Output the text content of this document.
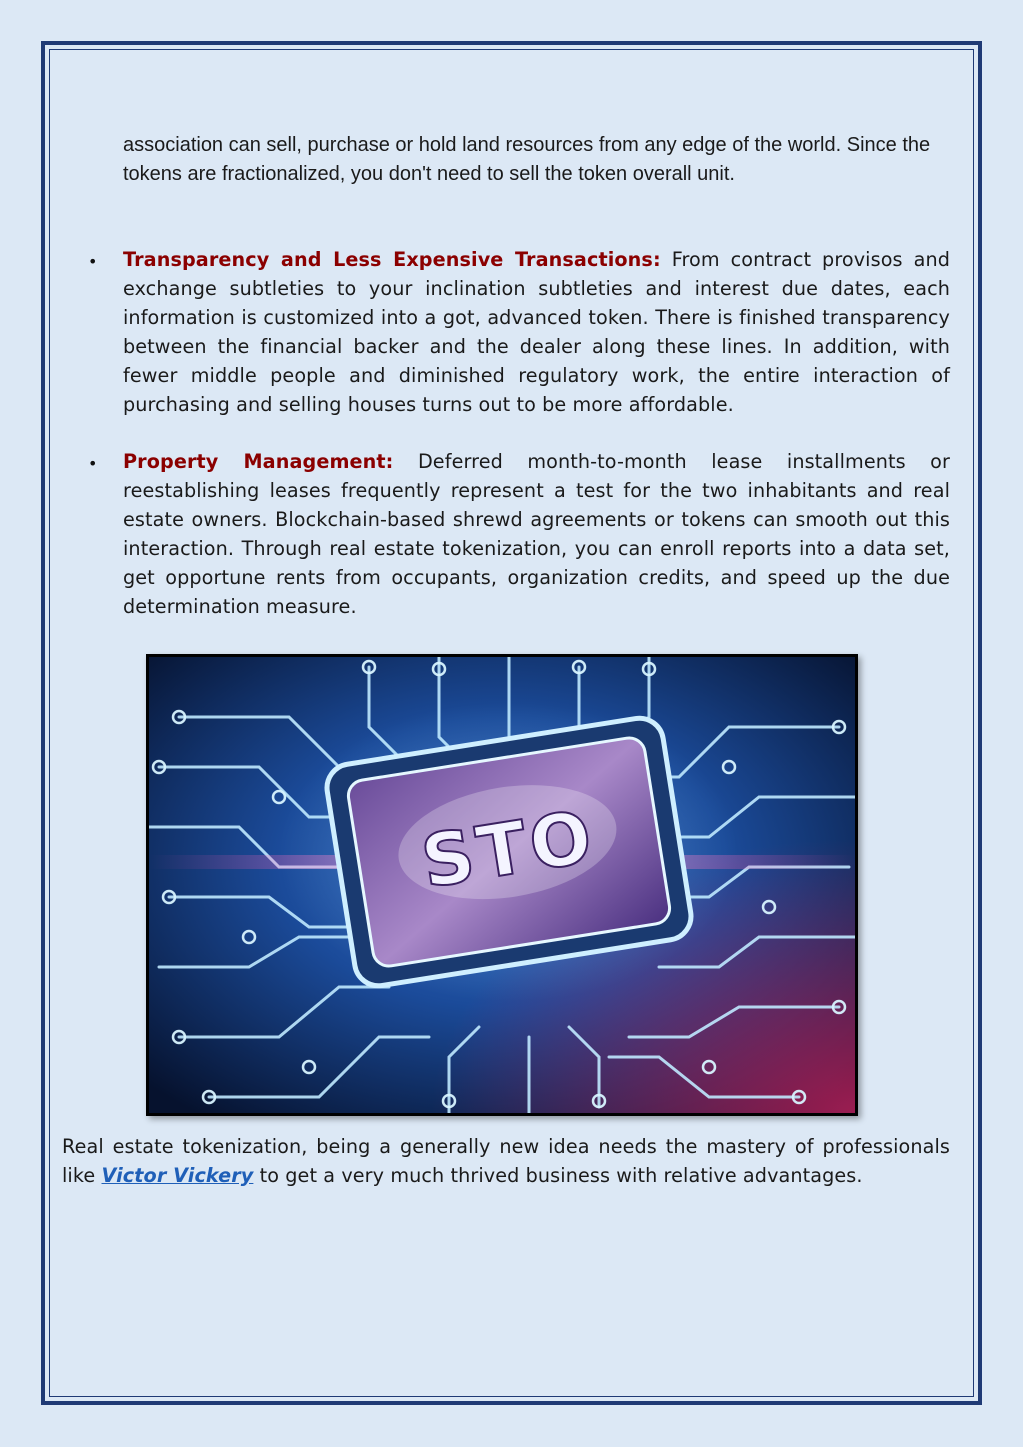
association can sell, purchase or hold land resources from any edge of the world. Since the tokens are fractionalized, you don't need to sell the token overall unit.

• Transparency and Less Expensive Transactions: From contract provisos and exchange subtleties to your inclination subtleties and interest due dates, each information is customized into a got, advanced token. There is finished transparency between the financial backer and the dealer along these lines. In addition, with fewer middle people and diminished regulatory work, the entire interaction of purchasing and selling houses turns out to be more affordable.

• Property Management: Deferred month-to-month lease installments or reestablishing leases frequently represent a test for the two inhabitants and real estate owners. Blockchain-based shrewd agreements or tokens can smooth out this interaction. Through real estate tokenization, you can enroll reports into a data set, get opportune rents from occupants, organization credits, and speed up the due determination measure.

STO

Real estate tokenization, being a generally new idea needs the mastery of professionals like Victor Vickery to get a very much thrived business with relative advantages.
